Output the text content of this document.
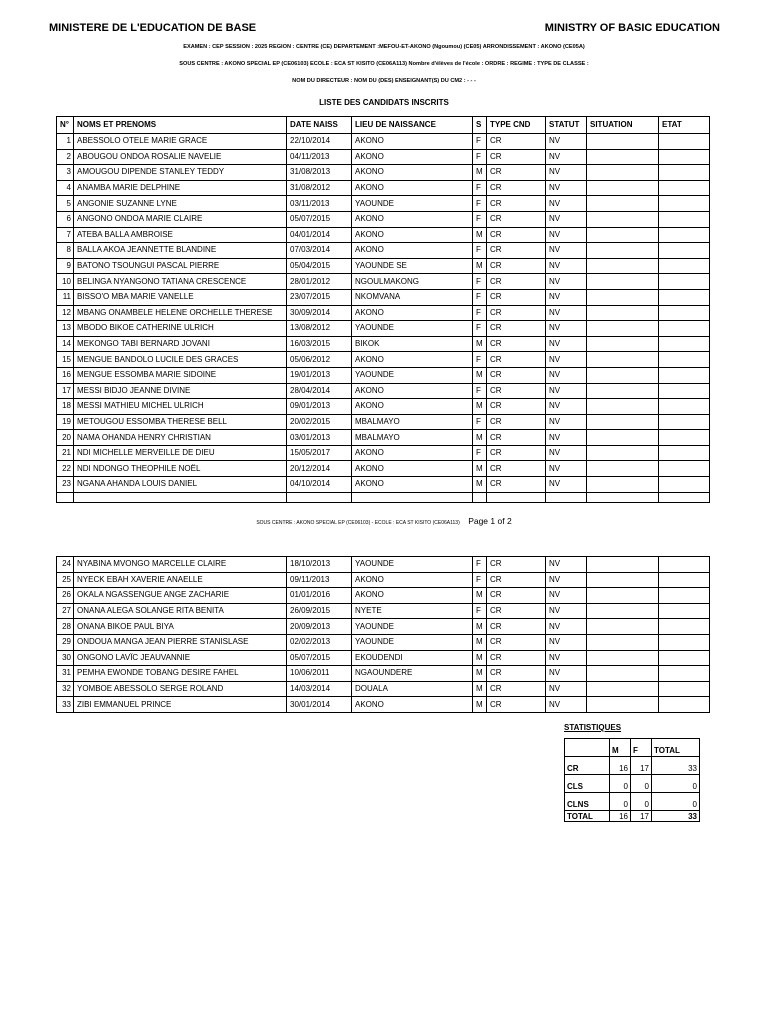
MINISTERE DE L'EDUCATION DE BASE	MINISTRY OF BASIC EDUCATION
EXAMEN : CEP SESSION : 2025 REGION : CENTRE (CE) DEPARTEMENT :MEFOU-ET-AKONO (Ngoumou) (CE05) ARRONDISSEMENT : AKONO (CE05A)
SOUS CENTRE : AKONO SPECIAL EP (CE06103) ECOLE : ECA ST KISITO (CE06A113) Nombre d'élèves de l'école : ORDRE : REGIME : TYPE DE CLASSE :
NOM DU DIRECTEUR : NOM DU (DES) ENSEIGNANT(S) DU CM2 : - - -
LISTE DES CANDIDATS INSCRITS
N°	NOMS ET PRENOMS	DATE NAISS	LIEU DE NAISSANCE	S	TYPE CND	STATUT	SITUATION	ETAT
1	ABESSOLO OTELE MARIE GRACE	22/10/2014	AKONO	F	CR	NV		
2	ABOUGOU ONDOA ROSALIE NAVELIE	04/11/2013	AKONO	F	CR	NV		
3	AMOUGOU DIPENDE STANLEY TEDDY	31/08/2013	AKONO	M	CR	NV		
4	ANAMBA MARIE DELPHINE	31/08/2012	AKONO	F	CR	NV		
5	ANGONIE SUZANNE LYNE	03/11/2013	YAOUNDE	F	CR	NV		
6	ANGONO ONDOA MARIE CLAIRE	05/07/2015	AKONO	F	CR	NV		
7	ATEBA BALLA AMBROISE	04/01/2014	AKONO	M	CR	NV		
8	BALLA AKOA JEANNETTE BLANDINE	07/03/2014	AKONO	F	CR	NV		
9	BATONO TSOUNGUI PASCAL PIERRE	05/04/2015	YAOUNDE SE	M	CR	NV		
10	BELINGA NYANGONO TATIANA CRESCENCE	28/01/2012	NGOULMAKONG	F	CR	NV		
11	BISSO'O MBA MARIE VANELLE	23/07/2015	NKOMVANA	F	CR	NV		
12	MBANG ONAMBELE HELENE ORCHELLE THERESE	30/09/2014	AKONO	F	CR	NV		
13	MBODO BIKOE CATHERINE ULRICH	13/08/2012	YAOUNDE	F	CR	NV		
14	MEKONGO TABI BERNARD JOVANI	16/03/2015	BIKOK	M	CR	NV		
15	MENGUE BANDOLO LUCILE DES GRACES	05/06/2012	AKONO	F	CR	NV		
16	MENGUE ESSOMBA MARIE SIDOINE	19/01/2013	YAOUNDE	M	CR	NV		
17	MESSI BIDJO JEANNE DIVINE	28/04/2014	AKONO	F	CR	NV		
18	MESSI MATHIEU MICHEL ULRICH	09/01/2013	AKONO	M	CR	NV		
19	METOUGOU ESSOMBA THERESE BELL	20/02/2015	MBALMAYO	F	CR	NV		
20	NAMA OHANDA HENRY CHRISTIAN	03/01/2013	MBALMAYO	M	CR	NV		
21	NDI MICHELLE MERVEILLE DE DIEU	15/05/2017	AKONO	F	CR	NV		
22	NDI NDONGO THEOPHILE NOËL	20/12/2014	AKONO	M	CR	NV		
23	NGANA AHANDA LOUIS DANIEL	04/10/2014	AKONO	M	CR	NV		

SOUS CENTRE : AKONO SPECIAL EP (CE06103) - ECOLE : ECA ST KISITO (CE06A113) Page 1 of 2
24	NYABINA MVONGO MARCELLE CLAIRE	18/10/2013	YAOUNDE	F	CR	NV		
25	NYECK EBAH XAVERIE ANAELLE	09/11/2013	AKONO	F	CR	NV		
26	OKALA NGASSENGUE ANGE ZACHARIE	01/01/2016	AKONO	M	CR	NV		
27	ONANA ALEGA SOLANGE RITA BENITA	26/09/2015	NYETE	F	CR	NV		
28	ONANA BIKOE PAUL BIYA	20/09/2013	YAOUNDE	M	CR	NV		
29	ONDOUA MANGA JEAN PIERRE STANISLASE	02/02/2013	YAOUNDE	M	CR	NV		
30	ONGONO LAVÏC JEAUVANNIE	05/07/2015	EKOUDENDI	M	CR	NV		
31	PEMHA EWONDE TOBANG DESIRE FAHEL	10/06/2011	NGAOUNDERE	M	CR	NV		
32	YOMBOE ABESSOLO SERGE ROLAND	14/03/2014	DOUALA	M	CR	NV		
33	ZIBI EMMANUEL PRINCE	30/01/2014	AKONO	M	CR	NV		
STATISTIQUES
	M	F	TOTAL
CR	16	17	33
CLS	0	0	0
CLNS	0	0	0
TOTAL	16	17	33
